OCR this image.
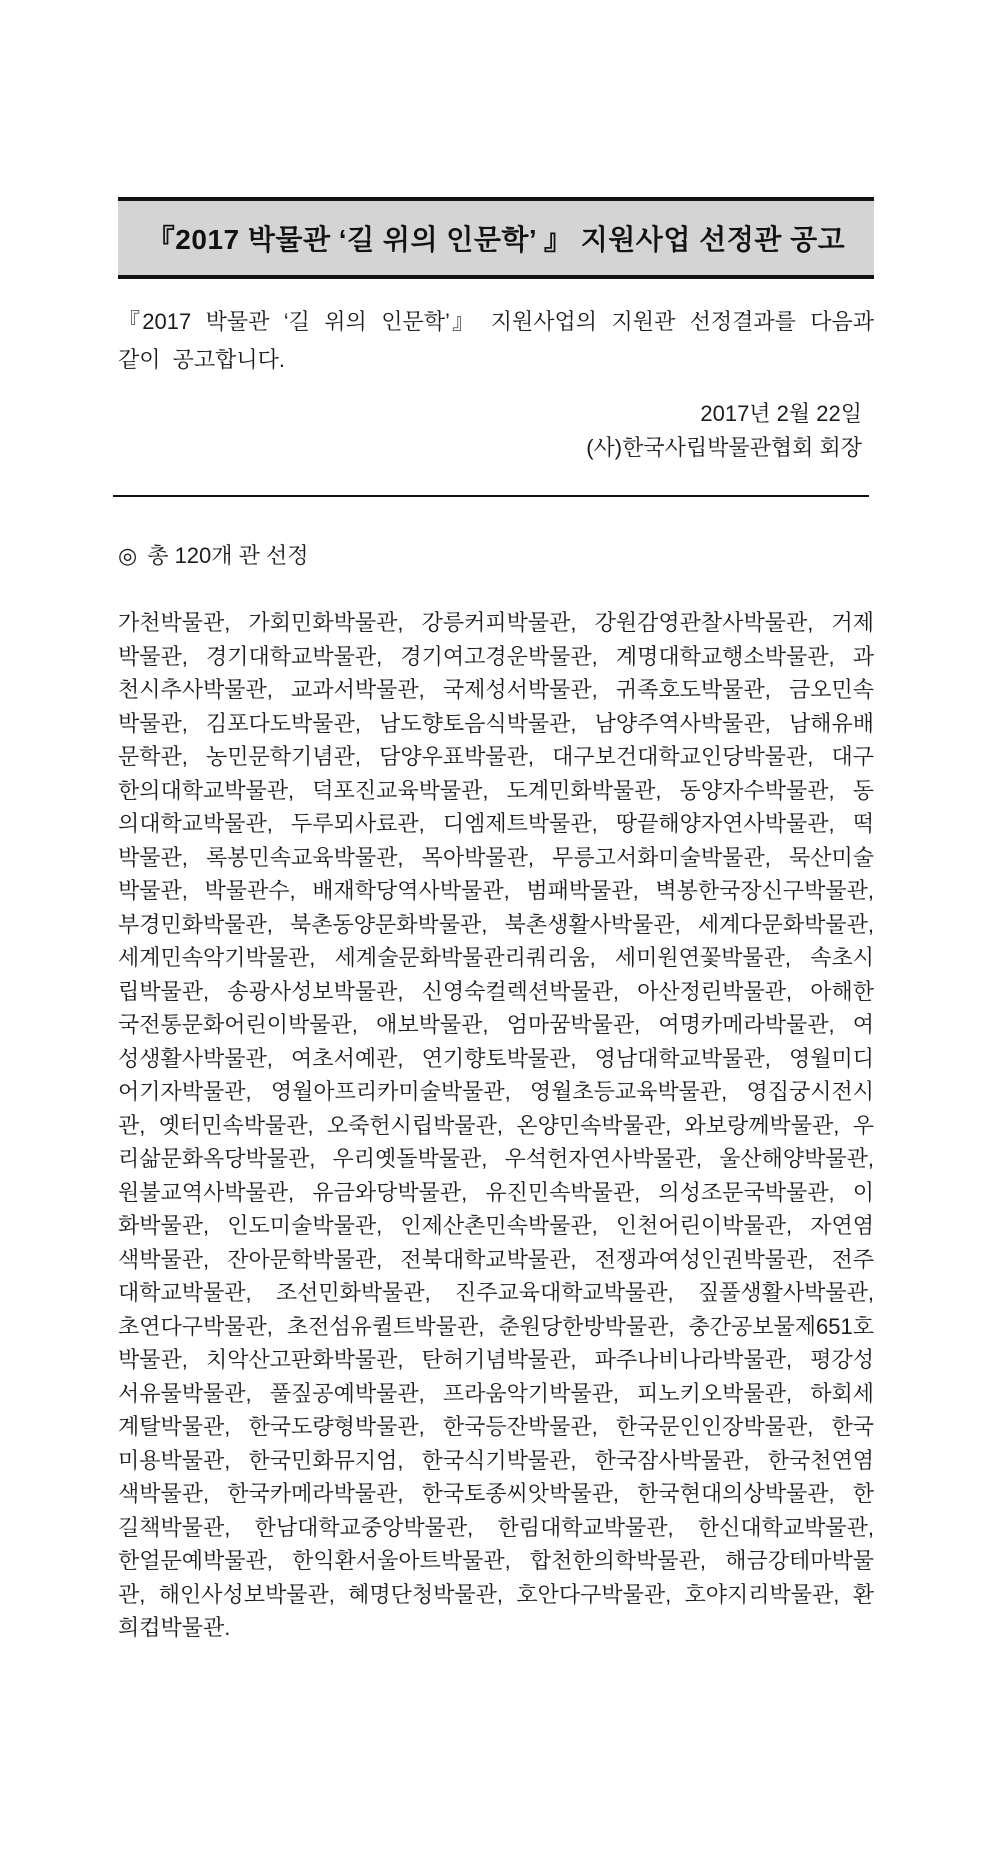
『2017 박물관 ‘길 위의 인문학’ 』 지원사업 선정관 공고

『2017 박물관 ‘길 위의 인문학’』 지원사업의 지원관 선정결과를 다음과 같이 공고합니다.

2017년 2월 22일
(사)한국사립박물관협회 회장
◎ 총 120개 관 선정

가천박물관, 가회민화박물관, 강릉커피박물관, 강원감영관찰사박물관, 거제박물관, 경기대학교박물관, 경기여고경운박물관, 계명대학교행소박물관, 과천시추사박물관, 교과서박물관, 국제성서박물관, 귀족호도박물관, 금오민속박물관, 김포다도박물관, 남도향토음식박물관, 남양주역사박물관, 남해유배문학관, 농민문학기념관, 담양우표박물관, 대구보건대학교인당박물관, 대구한의대학교박물관, 덕포진교육박물관, 도계민화박물관, 동양자수박물관, 동의대학교박물관, 두루뫼사료관, 디엠제트박물관, 땅끝해양자연사박물관, 떡박물관, 록봉민속교육박물관, 목아박물관, 무릉고서화미술박물관, 묵산미술박물관, 박물관수, 배재학당역사박물관, 범패박물관, 벽봉한국장신구박물관, 부경민화박물관, 북촌동양문화박물관, 북촌생활사박물관, 세계다문화박물관, 세계민속악기박물관, 세계술문화박물관리쿼리움, 세미원연꽃박물관, 속초시립박물관, 송광사성보박물관, 신영숙컬렉션박물관, 아산정린박물관, 아해한국전통문화어린이박물관, 애보박물관, 엄마꿈박물관, 여명카메라박물관, 여성생활사박물관, 여초서예관, 연기향토박물관, 영남대학교박물관, 영월미디어기자박물관, 영월아프리카미술박물관, 영월초등교육박물관, 영집궁시전시관, 옛터민속박물관, 오죽헌시립박물관, 온양민속박물관, 와보랑께박물관, 우리삶문화옥당박물관, 우리옛돌박물관, 우석헌자연사박물관, 울산해양박물관, 원불교역사박물관, 유금와당박물관, 유진민속박물관, 의성조문국박물관, 이화박물관, 인도미술박물관, 인제산촌민속박물관, 인천어린이박물관, 자연염색박물관, 잔아문학박물관, 전북대학교박물관, 전쟁과여성인권박물관, 전주대학교박물관, 조선민화박물관, 진주교육대학교박물관, 짚풀생활사박물관, 초연다구박물관, 초전섬유퀼트박물관, 춘원당한방박물관, 충간공보물제651호박물관, 치악산고판화박물관, 탄허기념박물관, 파주나비나라박물관, 평강성서유물박물관, 풀짚공예박물관, 프라움악기박물관, 피노키오박물관, 하회세계탈박물관, 한국도량형박물관, 한국등잔박물관, 한국문인인장박물관, 한국미용박물관, 한국민화뮤지엄, 한국식기박물관, 한국잠사박물관, 한국천연염색박물관, 한국카메라박물관, 한국토종씨앗박물관, 한국현대의상박물관, 한길책박물관, 한남대학교중앙박물관, 한림대학교박물관, 한신대학교박물관, 한얼문예박물관, 한익환서울아트박물관, 합천한의학박물관, 해금강테마박물관, 해인사성보박물관, 혜명단청박물관, 호안다구박물관, 호야지리박물관, 환희컵박물관.
